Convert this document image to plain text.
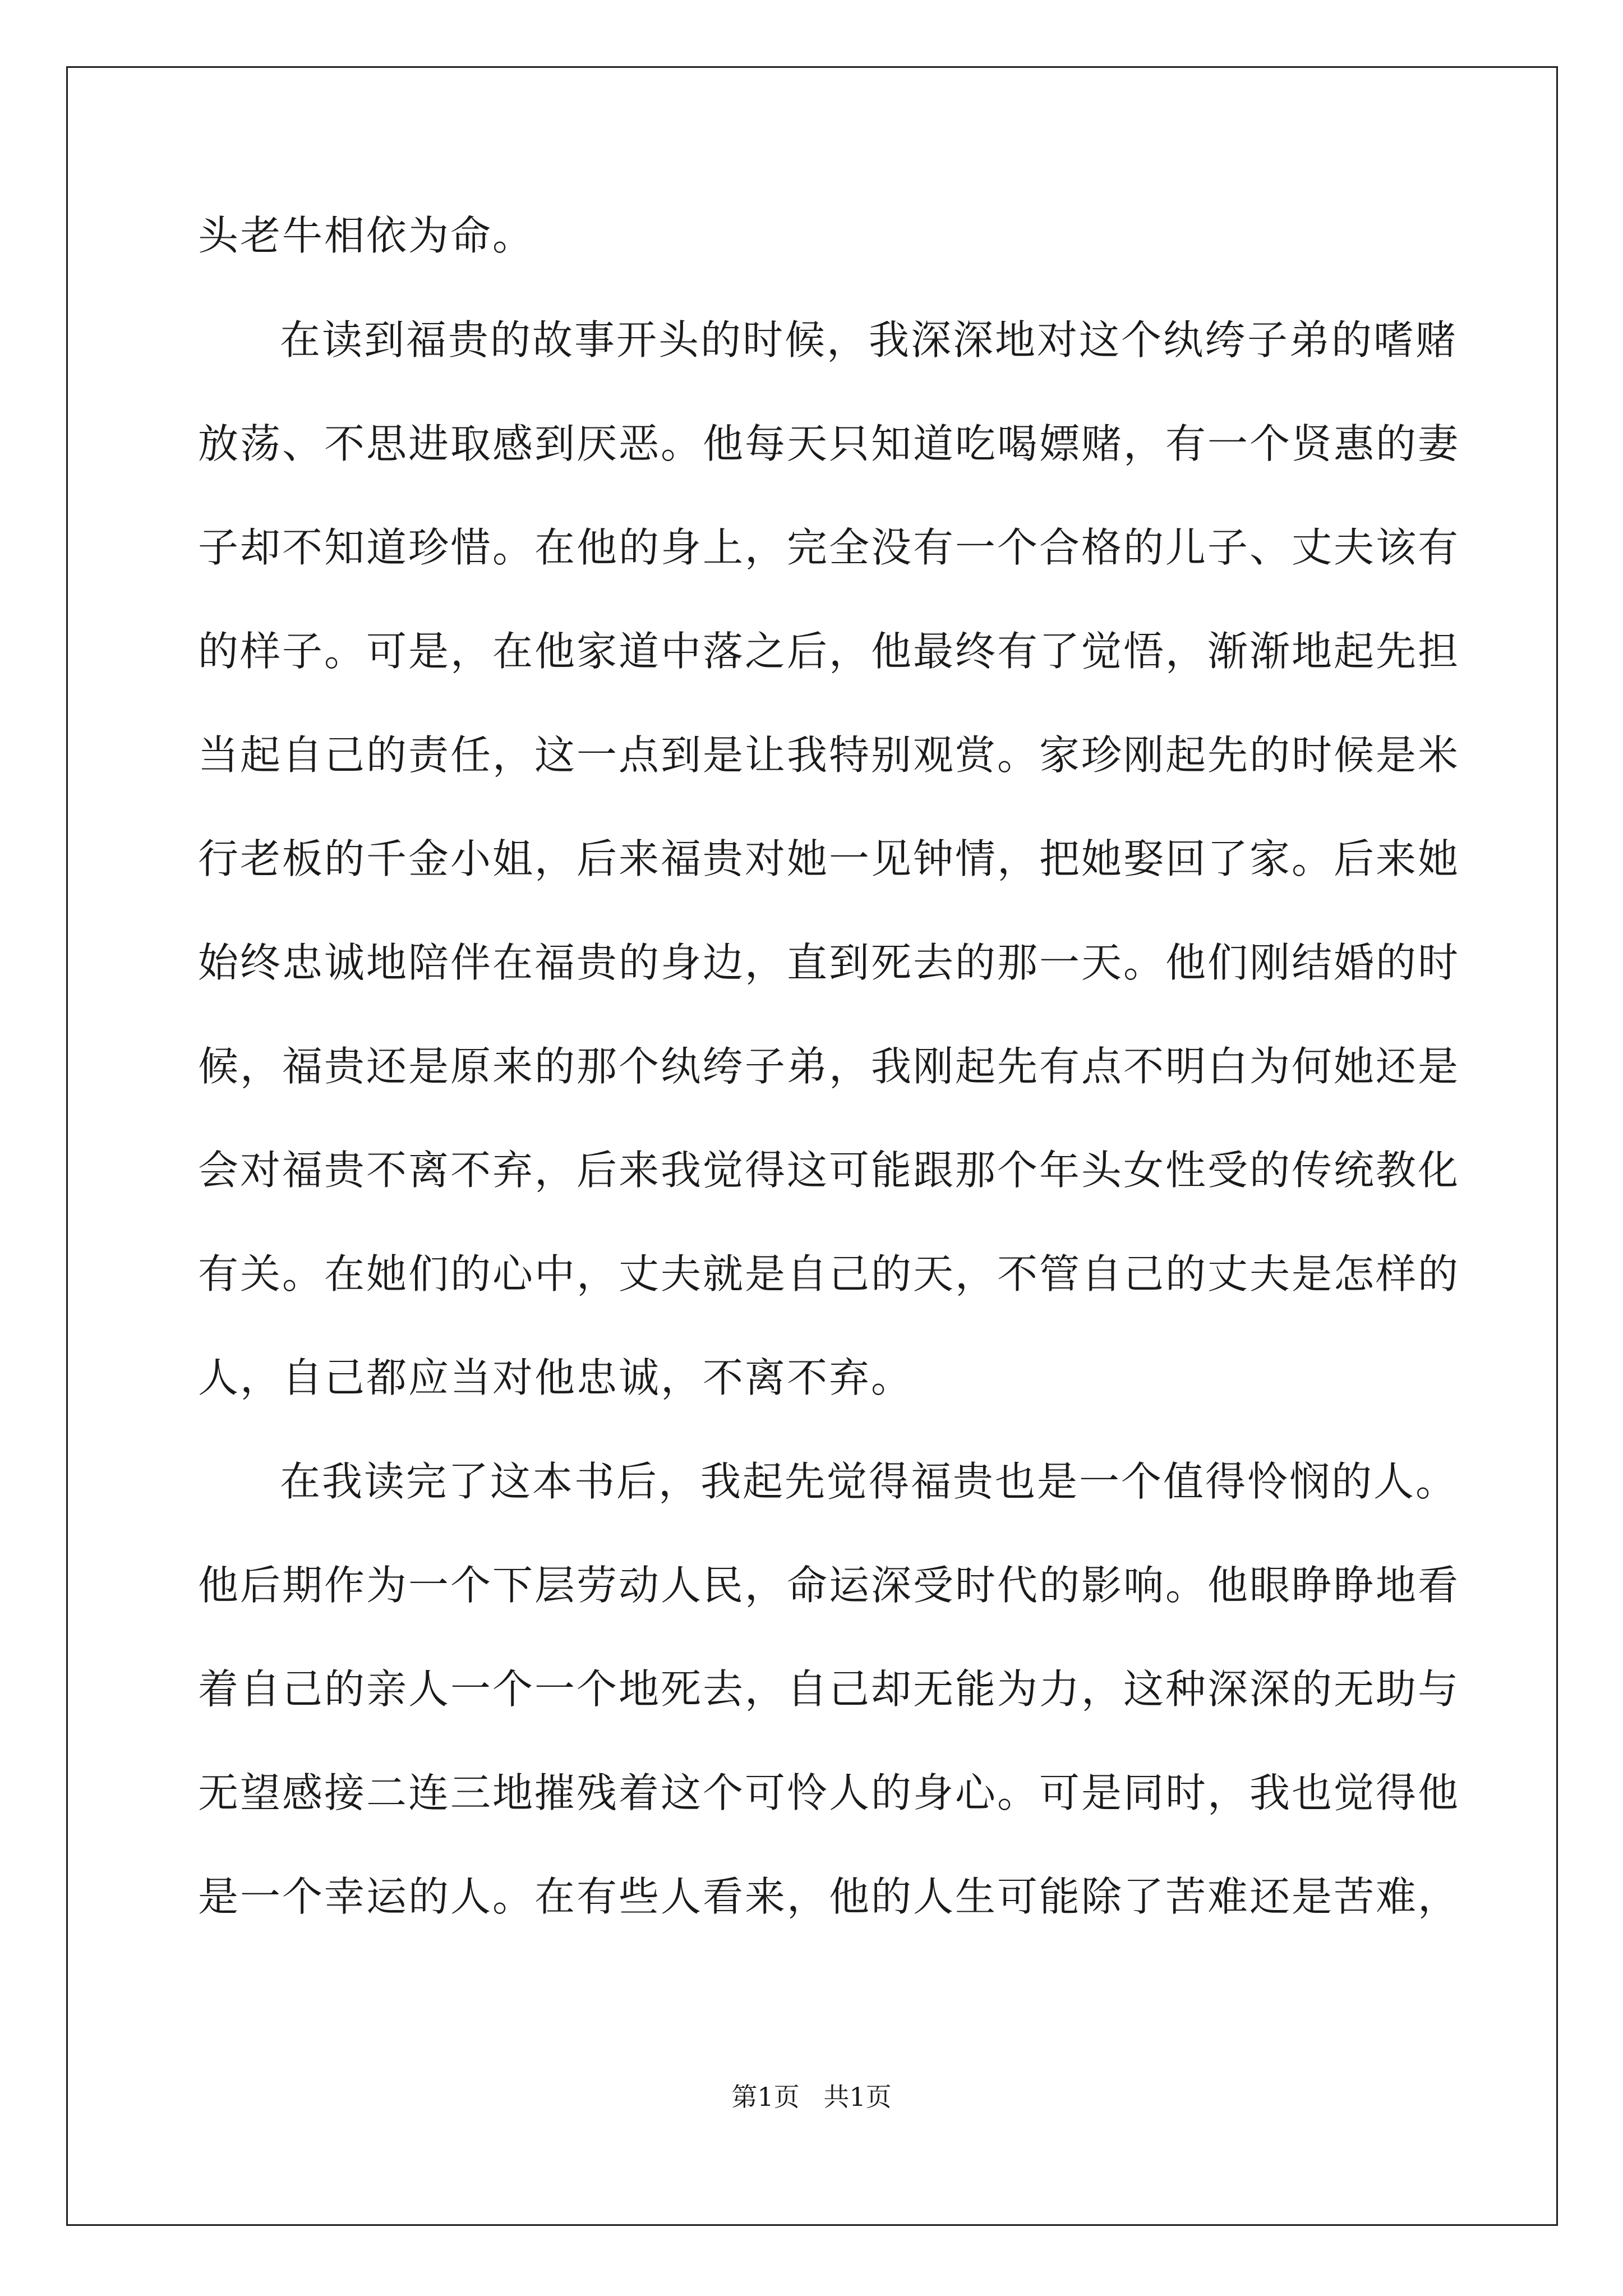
头老牛相依为命。
在读到福贵的故事开头的时候，我深深地对这个纨绔子弟的嗜赌
放荡、不思进取感到厌恶。他每天只知道吃喝嫖赌，有一个贤惠的妻
子却不知道珍惜。在他的身上，完全没有一个合格的儿子、丈夫该有
的样子。可是，在他家道中落之后，他最终有了觉悟，渐渐地起先担
当起自己的责任，这一点到是让我特别观赏。家珍刚起先的时候是米
行老板的千金小姐，后来福贵对她一见钟情，把她娶回了家。后来她
始终忠诚地陪伴在福贵的身边，直到死去的那一天。他们刚结婚的时
候，福贵还是原来的那个纨绔子弟，我刚起先有点不明白为何她还是
会对福贵不离不弃，后来我觉得这可能跟那个年头女性受的传统教化
有关。在她们的心中，丈夫就是自己的天，不管自己的丈夫是怎样的
人，自己都应当对他忠诚，不离不弃。
在我读完了这本书后，我起先觉得福贵也是一个值得怜悯的人。
他后期作为一个下层劳动人民，命运深受时代的影响。他眼睁睁地看
着自己的亲人一个一个地死去，自己却无能为力，这种深深的无助与
无望感接二连三地摧残着这个可怜人的身心。可是同时，我也觉得他
是一个幸运的人。在有些人看来，他的人生可能除了苦难还是苦难，
第1页 共1页
